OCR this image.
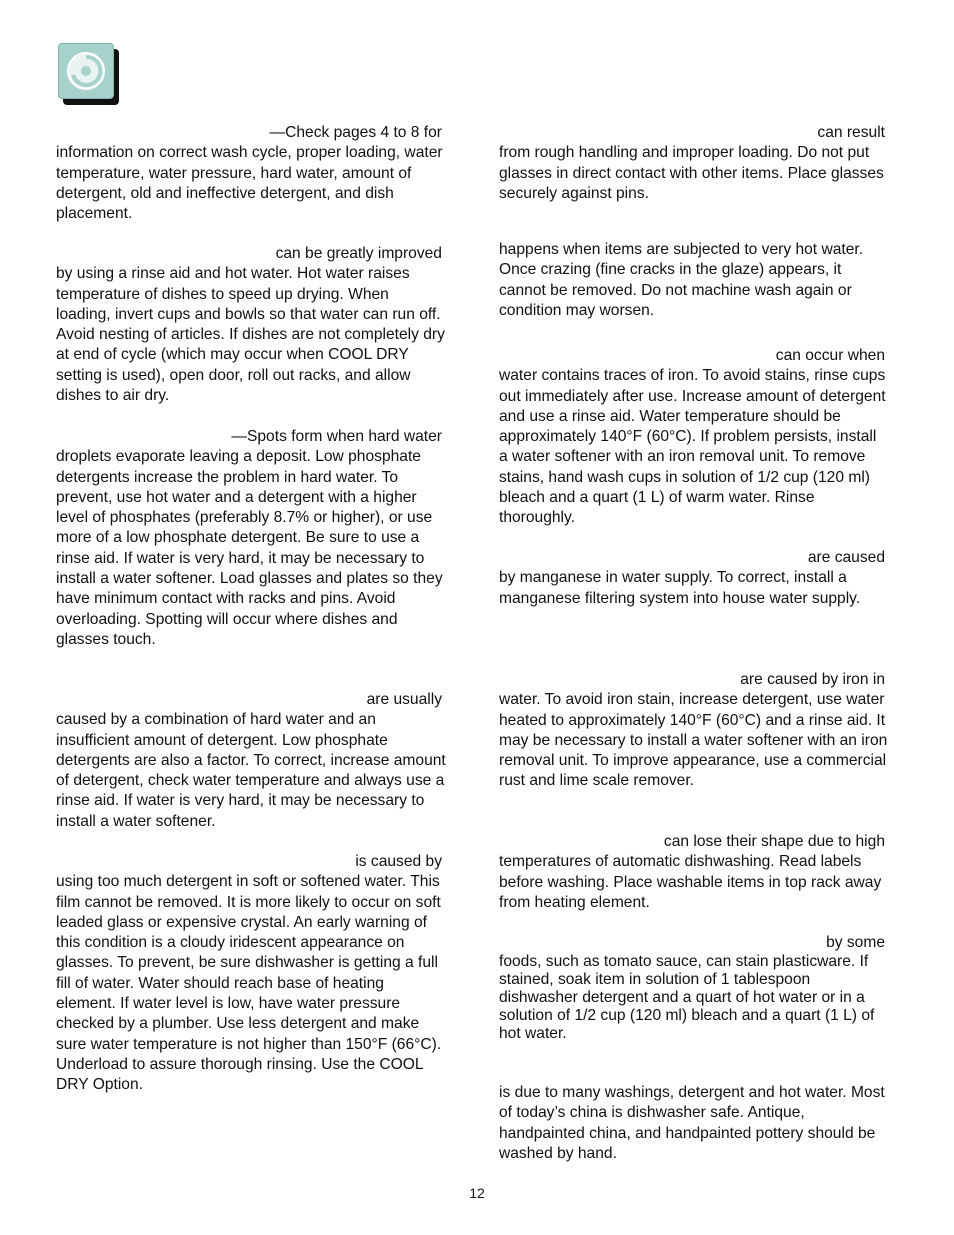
—Check pages 4 to 8 for
information on correct wash cycle, proper loading, water temperature, water pressure, hard water, amount of detergent, old and ineffective detergent, and dish placement.
can be greatly improved
by using a rinse aid and hot water. Hot water raises temperature of dishes to speed up drying. When loading, invert cups and bowls so that water can run off. Avoid nesting of articles. If dishes are not completely dry at end of cycle (which may occur when COOL DRY setting is used), open door, roll out racks, and allow dishes to air dry.
—Spots form when hard water
droplets evaporate leaving a deposit. Low phosphate detergents increase the problem in hard water. To prevent, use hot water and a detergent with a higher level of phosphates (preferably 8.7% or higher), or use more of a low phosphate detergent. Be sure to use a rinse aid. If water is very hard, it may be necessary to install a water softener. Load glasses and plates so they have minimum contact with racks and pins. Avoid overloading. Spotting will occur where dishes and glasses touch.
are usually
caused by a combination of hard water and an insufficient amount of detergent. Low phosphate detergents are also a factor. To correct, increase amount of detergent, check water temperature and always use a rinse aid. If water is very hard, it may be necessary to install a water softener.
is caused by
using too much detergent in soft or softened water. This film cannot be removed. It is more likely to occur on soft leaded glass or expensive crystal. An early warning of this condition is a cloudy iridescent appearance on glasses. To prevent, be sure dishwasher is getting a full fill of water. Water should reach base of heating element. If water level is low, have water pressure checked by a plumber. Use less detergent and make sure water temperature is not higher than 150°F (66°C). Underload to assure thorough rinsing. Use the COOL DRY Option.
can result
from rough handling and improper loading. Do not put glasses in direct contact with other items. Place glasses securely against pins.
happens when items are subjected to very hot water. Once crazing (fine cracks in the glaze) appears, it cannot be removed. Do not machine wash again or condition may worsen.
can occur when
water contains traces of iron. To avoid stains, rinse cups out immediately after use. Increase amount of detergent and use a rinse aid. Water temperature should be approximately 140°F (60°C). If problem persists, install a water softener with an iron removal unit. To remove stains, hand wash cups in solution of 1/2 cup (120 ml) bleach and a quart (1 L) of warm water. Rinse thoroughly.
are caused
by manganese in water supply. To correct, install a manganese filtering system into house water supply.
are caused by iron in
water. To avoid iron stain, increase detergent, use water heated to approximately 140°F (60°C) and a rinse aid. It may be necessary to install a water softener with an iron removal unit. To improve appearance, use a commercial rust and lime scale remover.
can lose their shape due to high
temperatures of automatic dishwashing. Read labels before washing. Place washable items in top rack away from heating element.
by some
foods, such as tomato sauce, can stain plasticware. If stained, soak item in solution of 1 tablespoon dishwasher detergent and a quart of hot water or in a solution of 1/2 cup (120 ml) bleach and a quart (1 L) of hot water.
is due to many washings, detergent and hot water. Most of today’s china is dishwasher safe. Antique, handpainted china, and handpainted pottery should be washed by hand.
12
